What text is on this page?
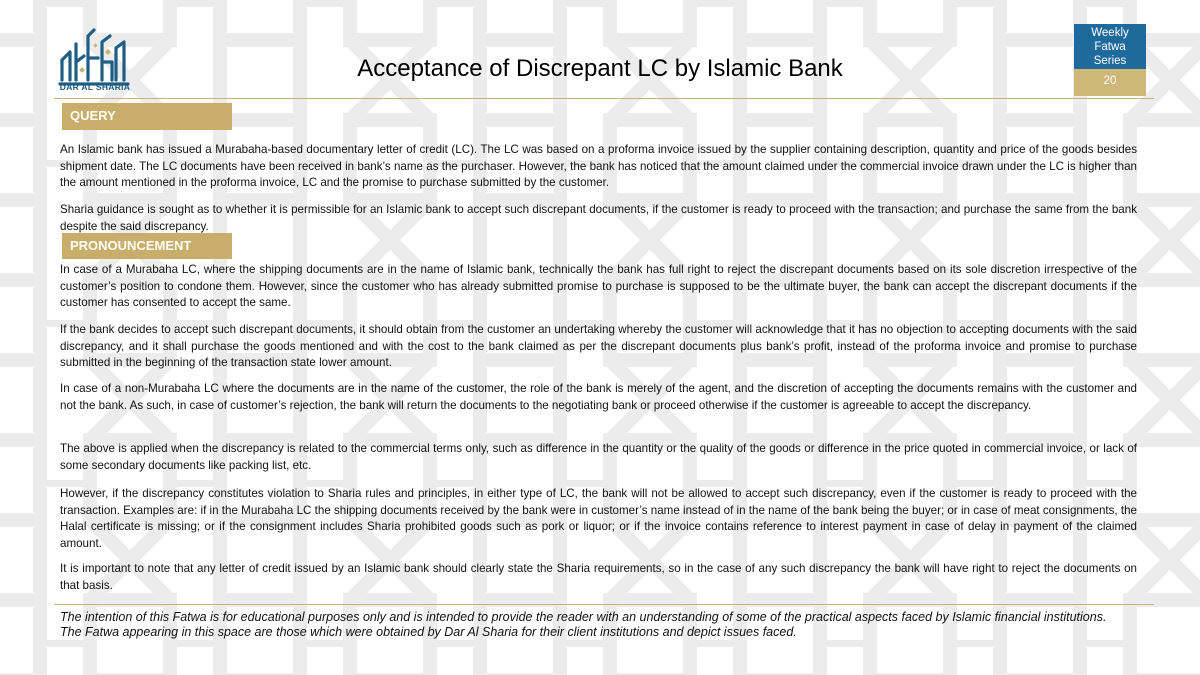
DAR AL SHARIA
Acceptance of Discrepant LC by Islamic Bank
Weekly
Fatwa
Series
20
QUERY

An Islamic bank has issued a Murabaha-based documentary letter of credit (LC). The LC was based on a proforma invoice issued by the supplier containing description, quantity and price of the goods besides shipment date. The LC documents have been received in bank’s name as the purchaser. However, the bank has noticed that the amount claimed under the commercial invoice drawn under the LC is higher than the amount mentioned in the proforma invoice, LC and the promise to purchase submitted by the customer.

Sharia guidance is sought as to whether it is permissible for an Islamic bank to accept such discrepant documents, if the customer is ready to proceed with the transaction; and purchase the same from the bank despite the said discrepancy.

PRONOUNCEMENT

In case of a Murabaha LC, where the shipping documents are in the name of Islamic bank, technically the bank has full right to reject the discrepant documents based on its sole discretion irrespective of the customer’s position to condone them. However, since the customer who has already submitted promise to purchase is supposed to be the ultimate buyer, the bank can accept the discrepant documents if the customer has consented to accept the same.

If the bank decides to accept such discrepant documents, it should obtain from the customer an undertaking whereby the customer will acknowledge that it has no objection to accepting documents with the said discrepancy, and it shall purchase the goods mentioned and with the cost to the bank claimed as per the discrepant documents plus bank’s profit, instead of the proforma invoice and promise to purchase submitted in the beginning of the transaction state lower amount.

In case of a non-Murabaha LC where the documents are in the name of the customer, the role of the bank is merely of the agent, and the discretion of accepting the documents remains with the customer and not the bank. As such, in case of customer’s rejection, the bank will return the documents to the negotiating bank or proceed otherwise if the customer is agreeable to accept the discrepancy.

The above is applied when the discrepancy is related to the commercial terms only, such as difference in the quantity or the quality of the goods or difference in the price quoted in commercial invoice, or lack of some secondary documents like packing list, etc.

However, if the discrepancy constitutes violation to Sharia rules and principles, in either type of LC, the bank will not be allowed to accept such discrepancy, even if the customer is ready to proceed with the transaction. Examples are: if in the Murabaha LC the shipping documents received by the bank were in customer’s name instead of in the name of the bank being the buyer; or in case of meat consignments, the Halal certificate is missing; or if the consignment includes Sharia prohibited goods such as pork or liquor; or if the invoice contains reference to interest payment in case of delay in payment of the claimed amount.

It is important to note that any letter of credit issued by an Islamic bank should clearly state the Sharia requirements, so in the case of any such discrepancy the bank will have right to reject the documents on that basis.

The intention of this Fatwa is for educational purposes only and is intended to provide the reader with an understanding of some of the practical aspects faced by Islamic financial institutions. The Fatwa appearing in this space are those which were obtained by Dar Al Sharia for their client institutions and depict issues faced.
